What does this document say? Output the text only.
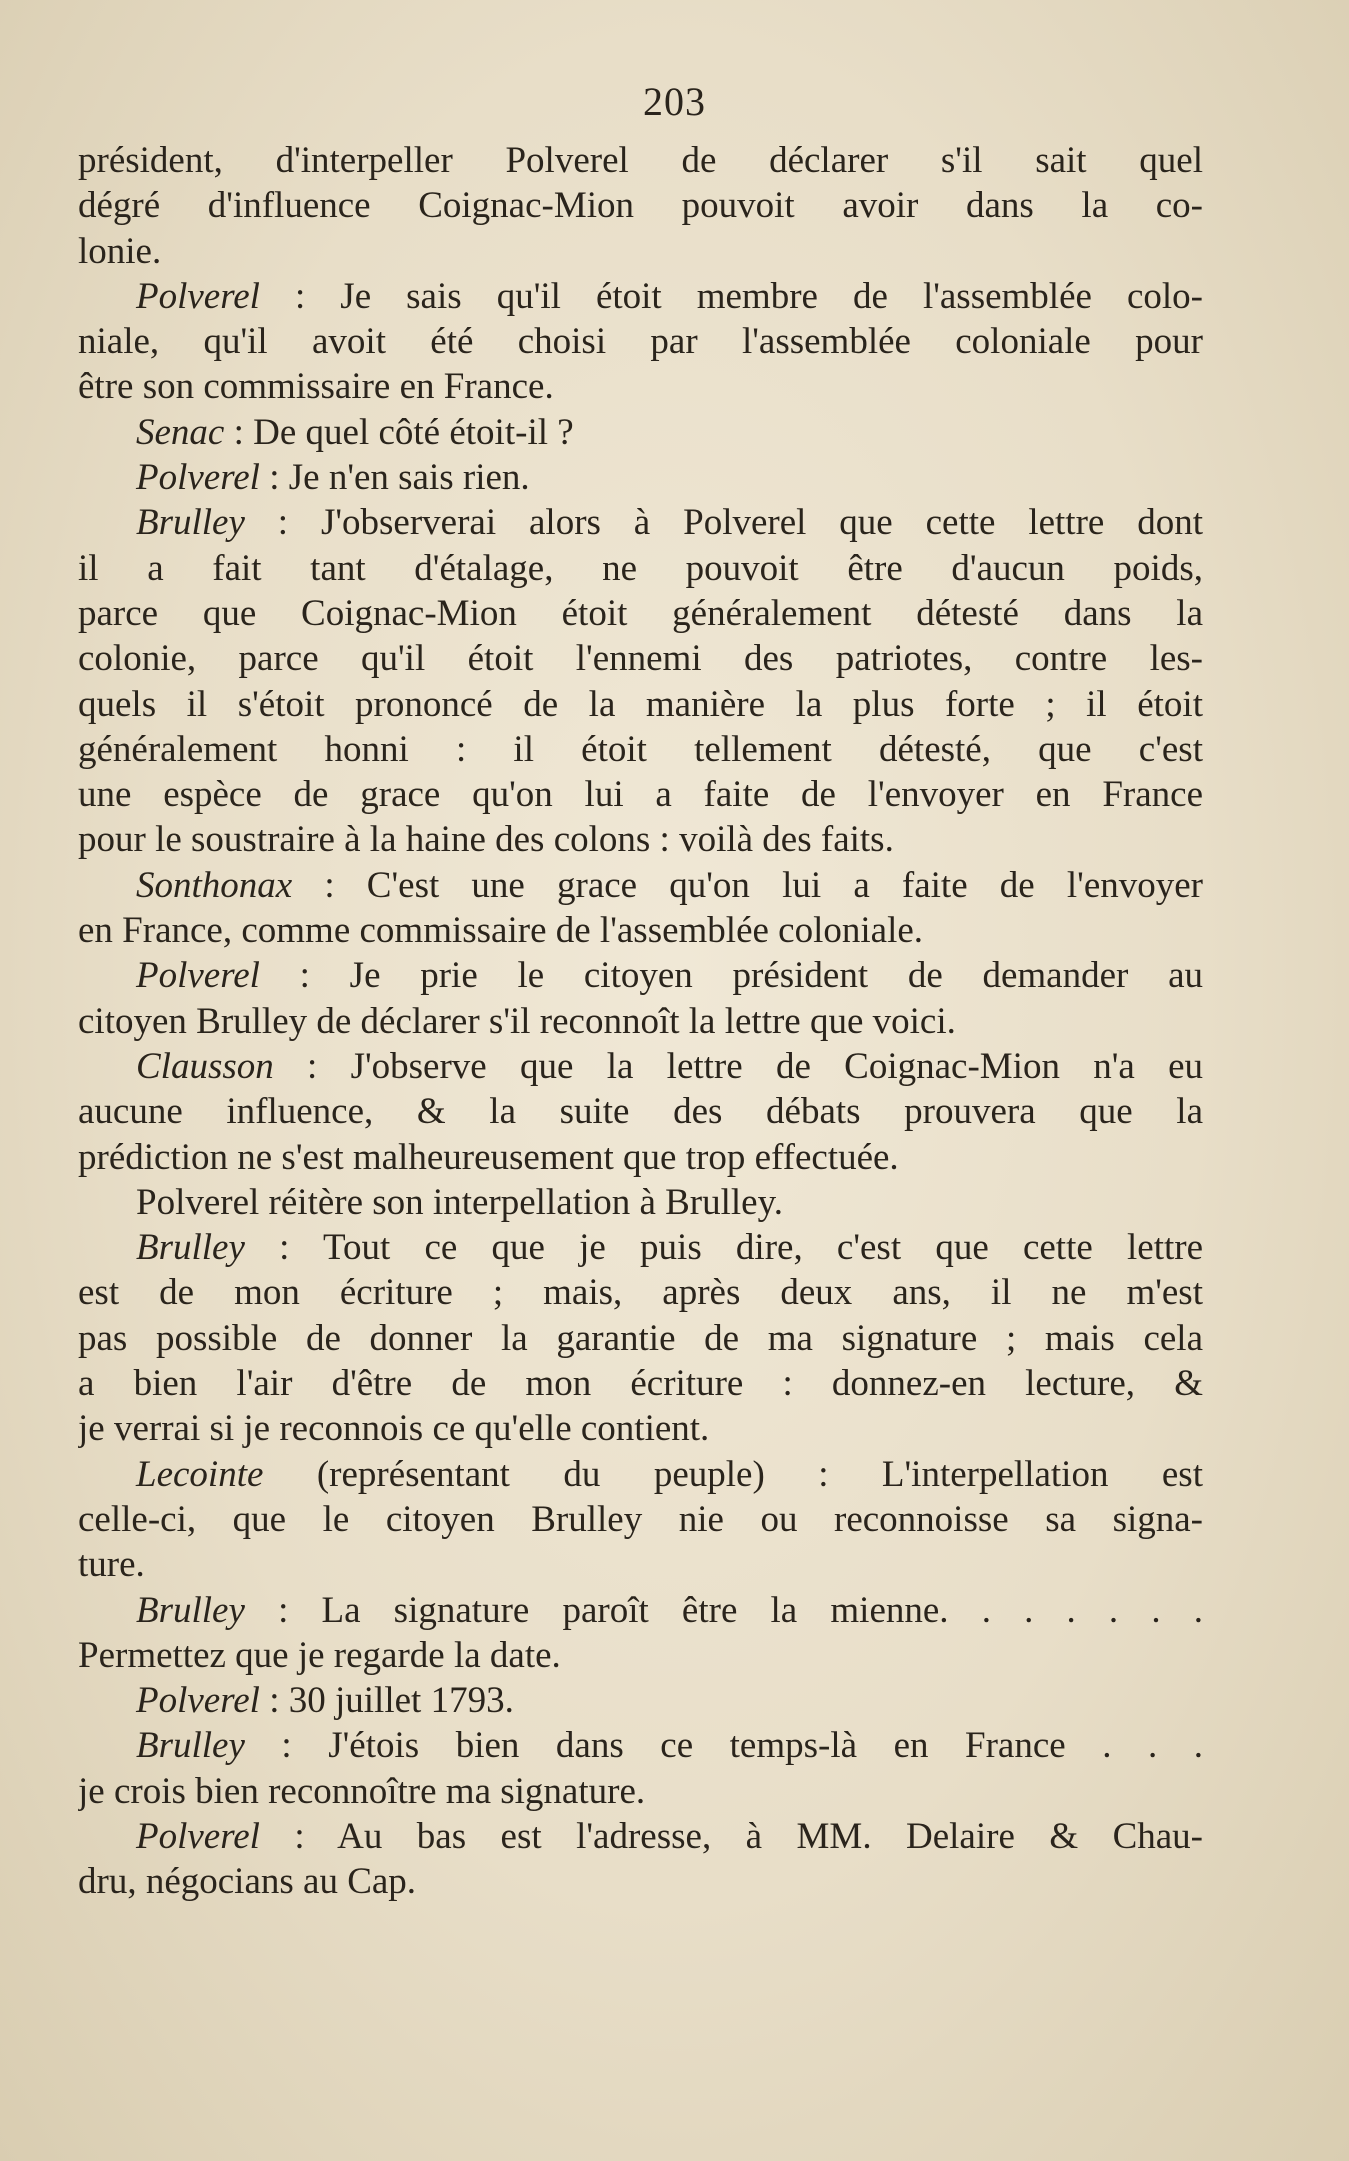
203
président, d'interpeller Polverel de déclarer s'il sait quel
dégré d'influence Coignac-Mion pouvoit avoir dans la co-
lonie.
Polverel : Je sais qu'il étoit membre de l'assemblée colo-
niale, qu'il avoit été choisi par l'assemblée coloniale pour
être son commissaire en France.
Senac : De quel côté étoit-il ?
Polverel : Je n'en sais rien.
Brulley : J'observerai alors à Polverel que cette lettre dont
il a fait tant d'étalage, ne pouvoit être d'aucun poids,
parce que Coignac-Mion étoit généralement détesté dans la
colonie, parce qu'il étoit l'ennemi des patriotes, contre les-
quels il s'étoit prononcé de la manière la plus forte ; il étoit
généralement honni : il étoit tellement détesté, que c'est
une espèce de grace qu'on lui a faite de l'envoyer en France
pour le soustraire à la haine des colons : voilà des faits.
Sonthonax : C'est une grace qu'on lui a faite de l'envoyer
en France, comme commissaire de l'assemblée coloniale.
Polverel : Je prie le citoyen président de demander au
citoyen Brulley de déclarer s'il reconnoît la lettre que voici.
Clausson : J'observe que la lettre de Coignac-Mion n'a eu
aucune influence, & la suite des débats prouvera que la
prédiction ne s'est malheureusement que trop effectuée.
Polverel réitère son interpellation à Brulley.
Brulley : Tout ce que je puis dire, c'est que cette lettre
est de mon écriture ; mais, après deux ans, il ne m'est
pas possible de donner la garantie de ma signature ; mais cela
a bien l'air d'être de mon écriture : donnez-en lecture, &
je verrai si je reconnois ce qu'elle contient.
Lecointe (représentant du peuple) : L'interpellation est
celle-ci, que le citoyen Brulley nie ou reconnoisse sa signa-
ture.
Brulley : La signature paroît être la mienne. . . . . . .
Permettez que je regarde la date.
Polverel : 30 juillet 1793.
Brulley : J'étois bien dans ce temps-là en France . . .
je crois bien reconnoître ma signature.
Polverel : Au bas est l'adresse, à MM. Delaire & Chau-
dru, négocians au Cap.
